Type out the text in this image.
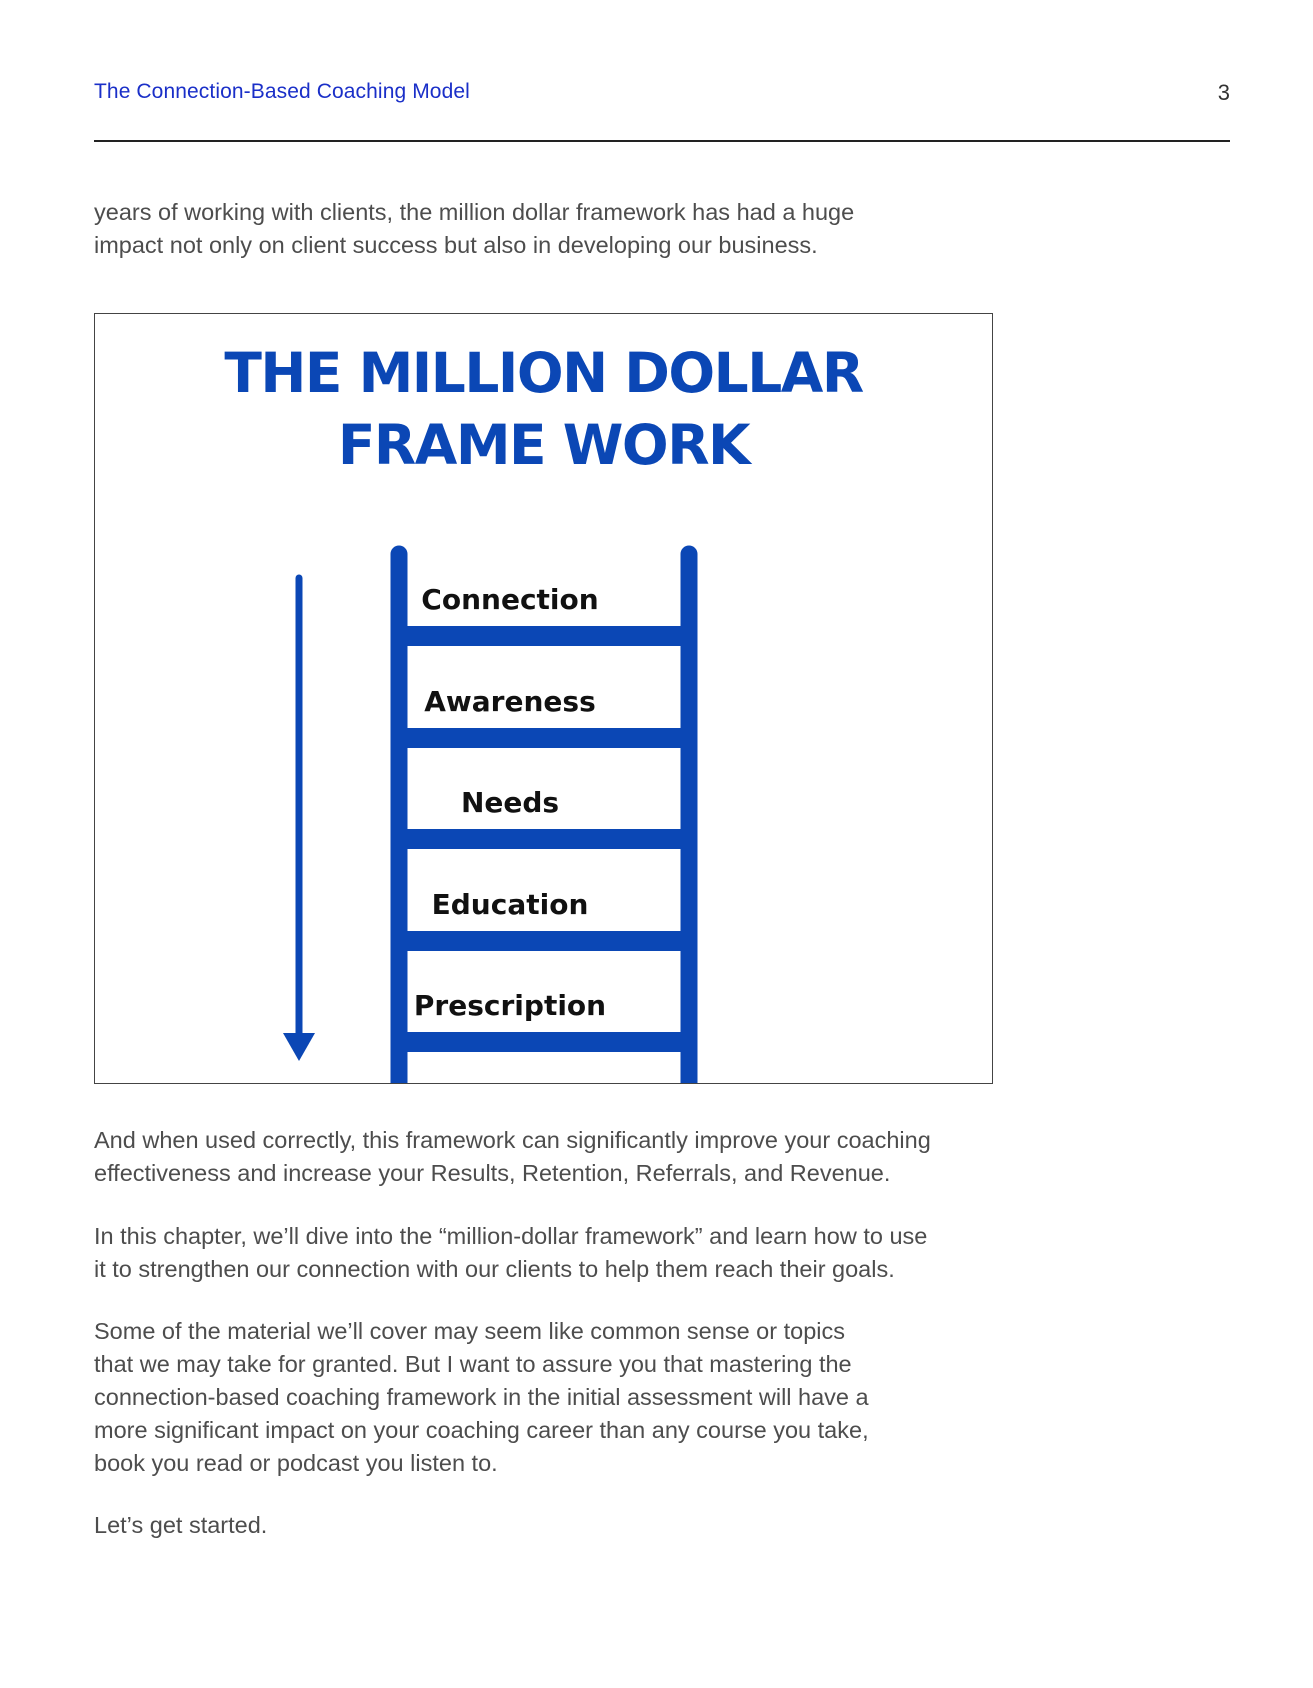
The Connection-Based Coaching Model	3

years of working with clients, the million dollar framework has had a huge
impact not only on client success but also in developing our business.

THE MILLION DOLLAR
FRAME WORK
Connection
Awareness
Needs
Education
Prescription

And when used correctly, this framework can significantly improve your coaching
effectiveness and increase your Results, Retention, Referrals, and Revenue.

In this chapter, we’ll dive into the “million-dollar framework” and learn how to use
it to strengthen our connection with our clients to help them reach their goals.

Some of the material we’ll cover may seem like common sense or topics
that we may take for granted. But I want to assure you that mastering the
connection-based coaching framework in the initial assessment will have a
more significant impact on your coaching career than any course you take,
book you read or podcast you listen to.

Let’s get started.
